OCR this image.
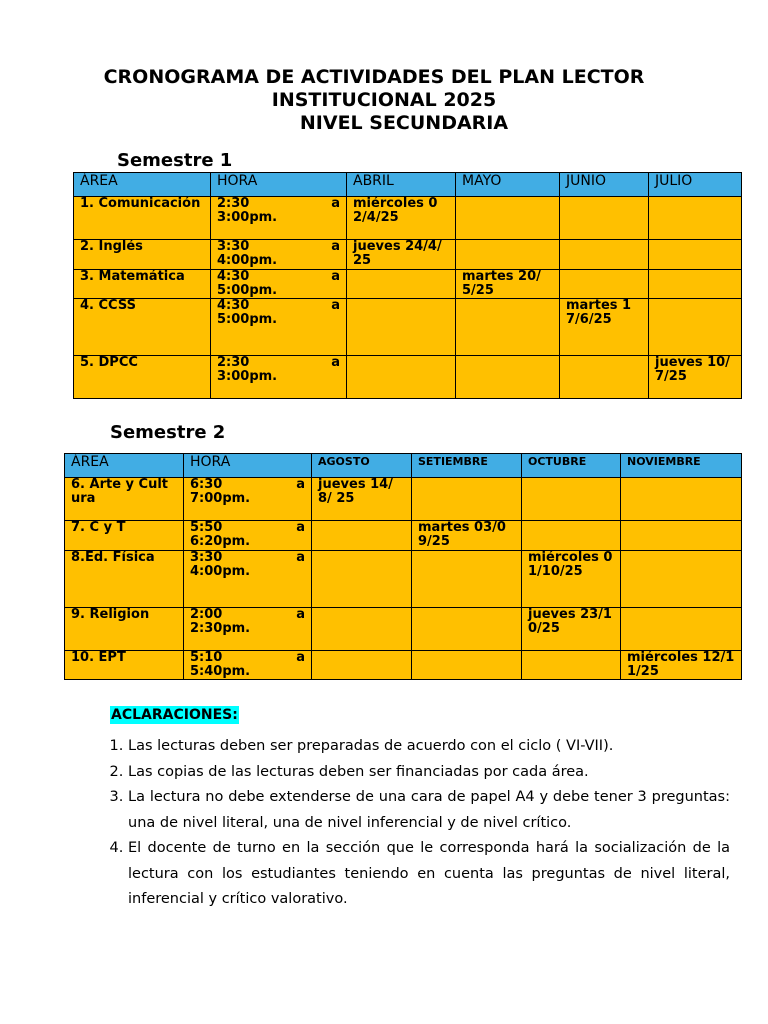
CRONOGRAMA DE ACTIVIDADES DEL PLAN LECTOR
INSTITUCIONAL 2025
NIVEL SECUNDARIA
Semestre 1
ÁREA	HORA	ABRIL	MAYO	JUNIO	JULIO
1. Comunicación	2:30 a
3:00pm.	miércoles 02/4/25			
2. Inglés	3:30 a
4:00pm.	jueves 24/4/25			
3. Matemática	4:30 a
5:00pm.		martes 20/5/25		
4. CCSS	4:30 a
5:00pm.			martes 17/6/25	
5. DPCC	2:30 a
3:00pm.				jueves 10/7/25
Semestre 2
ÁREA	HORA	AGOSTO	SETIEMBRE	OCTUBRE	NOVIEMBRE
6. Arte y Cultura	6:30 a
7:00pm.	jueves 14/8/ 25			
7. C y T	5:50 a
6:20pm.		martes 03/09/25		
8.Ed. Física	3:30 a
4:00pm.			miércoles 01/10/25	
9. Religion	2:00 a
2:30pm.			jueves 23/10/25	
10. EPT	5:10 a
5:40pm.				miércoles 12/11/25
ACLARACIONES:
1. Las lecturas deben ser preparadas de acuerdo con el ciclo ( VI-VII).
2. Las copias de las lecturas deben ser financiadas por cada área.
3. La lectura no debe extenderse de una cara de papel A4 y debe tener 3 preguntas: una de nivel literal, una de nivel inferencial y de nivel crítico.
4. El docente de turno en la sección que le corresponda hará la socialización de la lectura con los estudiantes teniendo en cuenta las preguntas de nivel literal, inferencial y crítico valorativo.
